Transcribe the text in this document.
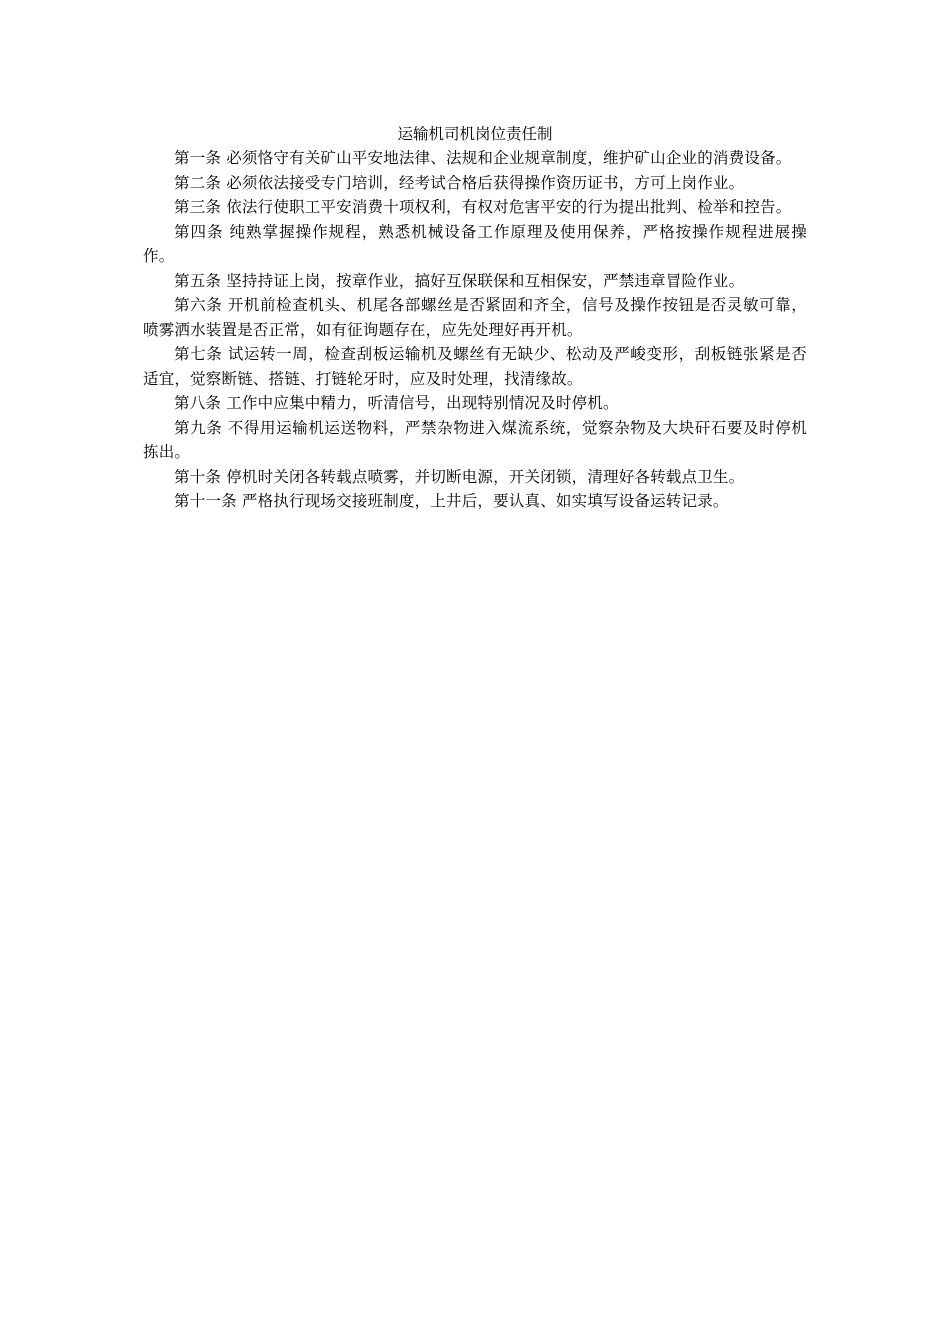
运输机司机岗位责任制

第一条 必须恪守有关矿山平安地法律、法规和企业规章制度，维护矿山企业的消费设备。

第二条 必须依法接受专门培训，经考试合格后获得操作资历证书，方可上岗作业。

第三条 依法行使职工平安消费十项权利，有权对危害平安的行为提出批判、检举和控告。

第四条 纯熟掌握操作规程，熟悉机械设备工作原理及使用保养，严格按操作规程进展操作。

第五条 坚持持证上岗，按章作业，搞好互保联保和互相保安，严禁违章冒险作业。

第六条 开机前检查机头、机尾各部螺丝是否紧固和齐全，信号及操作按钮是否灵敏可靠，喷雾洒水装置是否正常，如有征询题存在，应先处理好再开机。

第七条 试运转一周，检查刮板运输机及螺丝有无缺少、松动及严峻变形，刮板链张紧是否适宜，觉察断链、搭链、打链轮牙时，应及时处理，找清缘故。

第八条 工作中应集中精力，听清信号，出现特别情况及时停机。

第九条 不得用运输机运送物料，严禁杂物进入煤流系统，觉察杂物及大块矸石要及时停机拣出。

第十条 停机时关闭各转载点喷雾，并切断电源，开关闭锁，清理好各转载点卫生。

第十一条 严格执行现场交接班制度，上井后，要认真、如实填写设备运转记录。
